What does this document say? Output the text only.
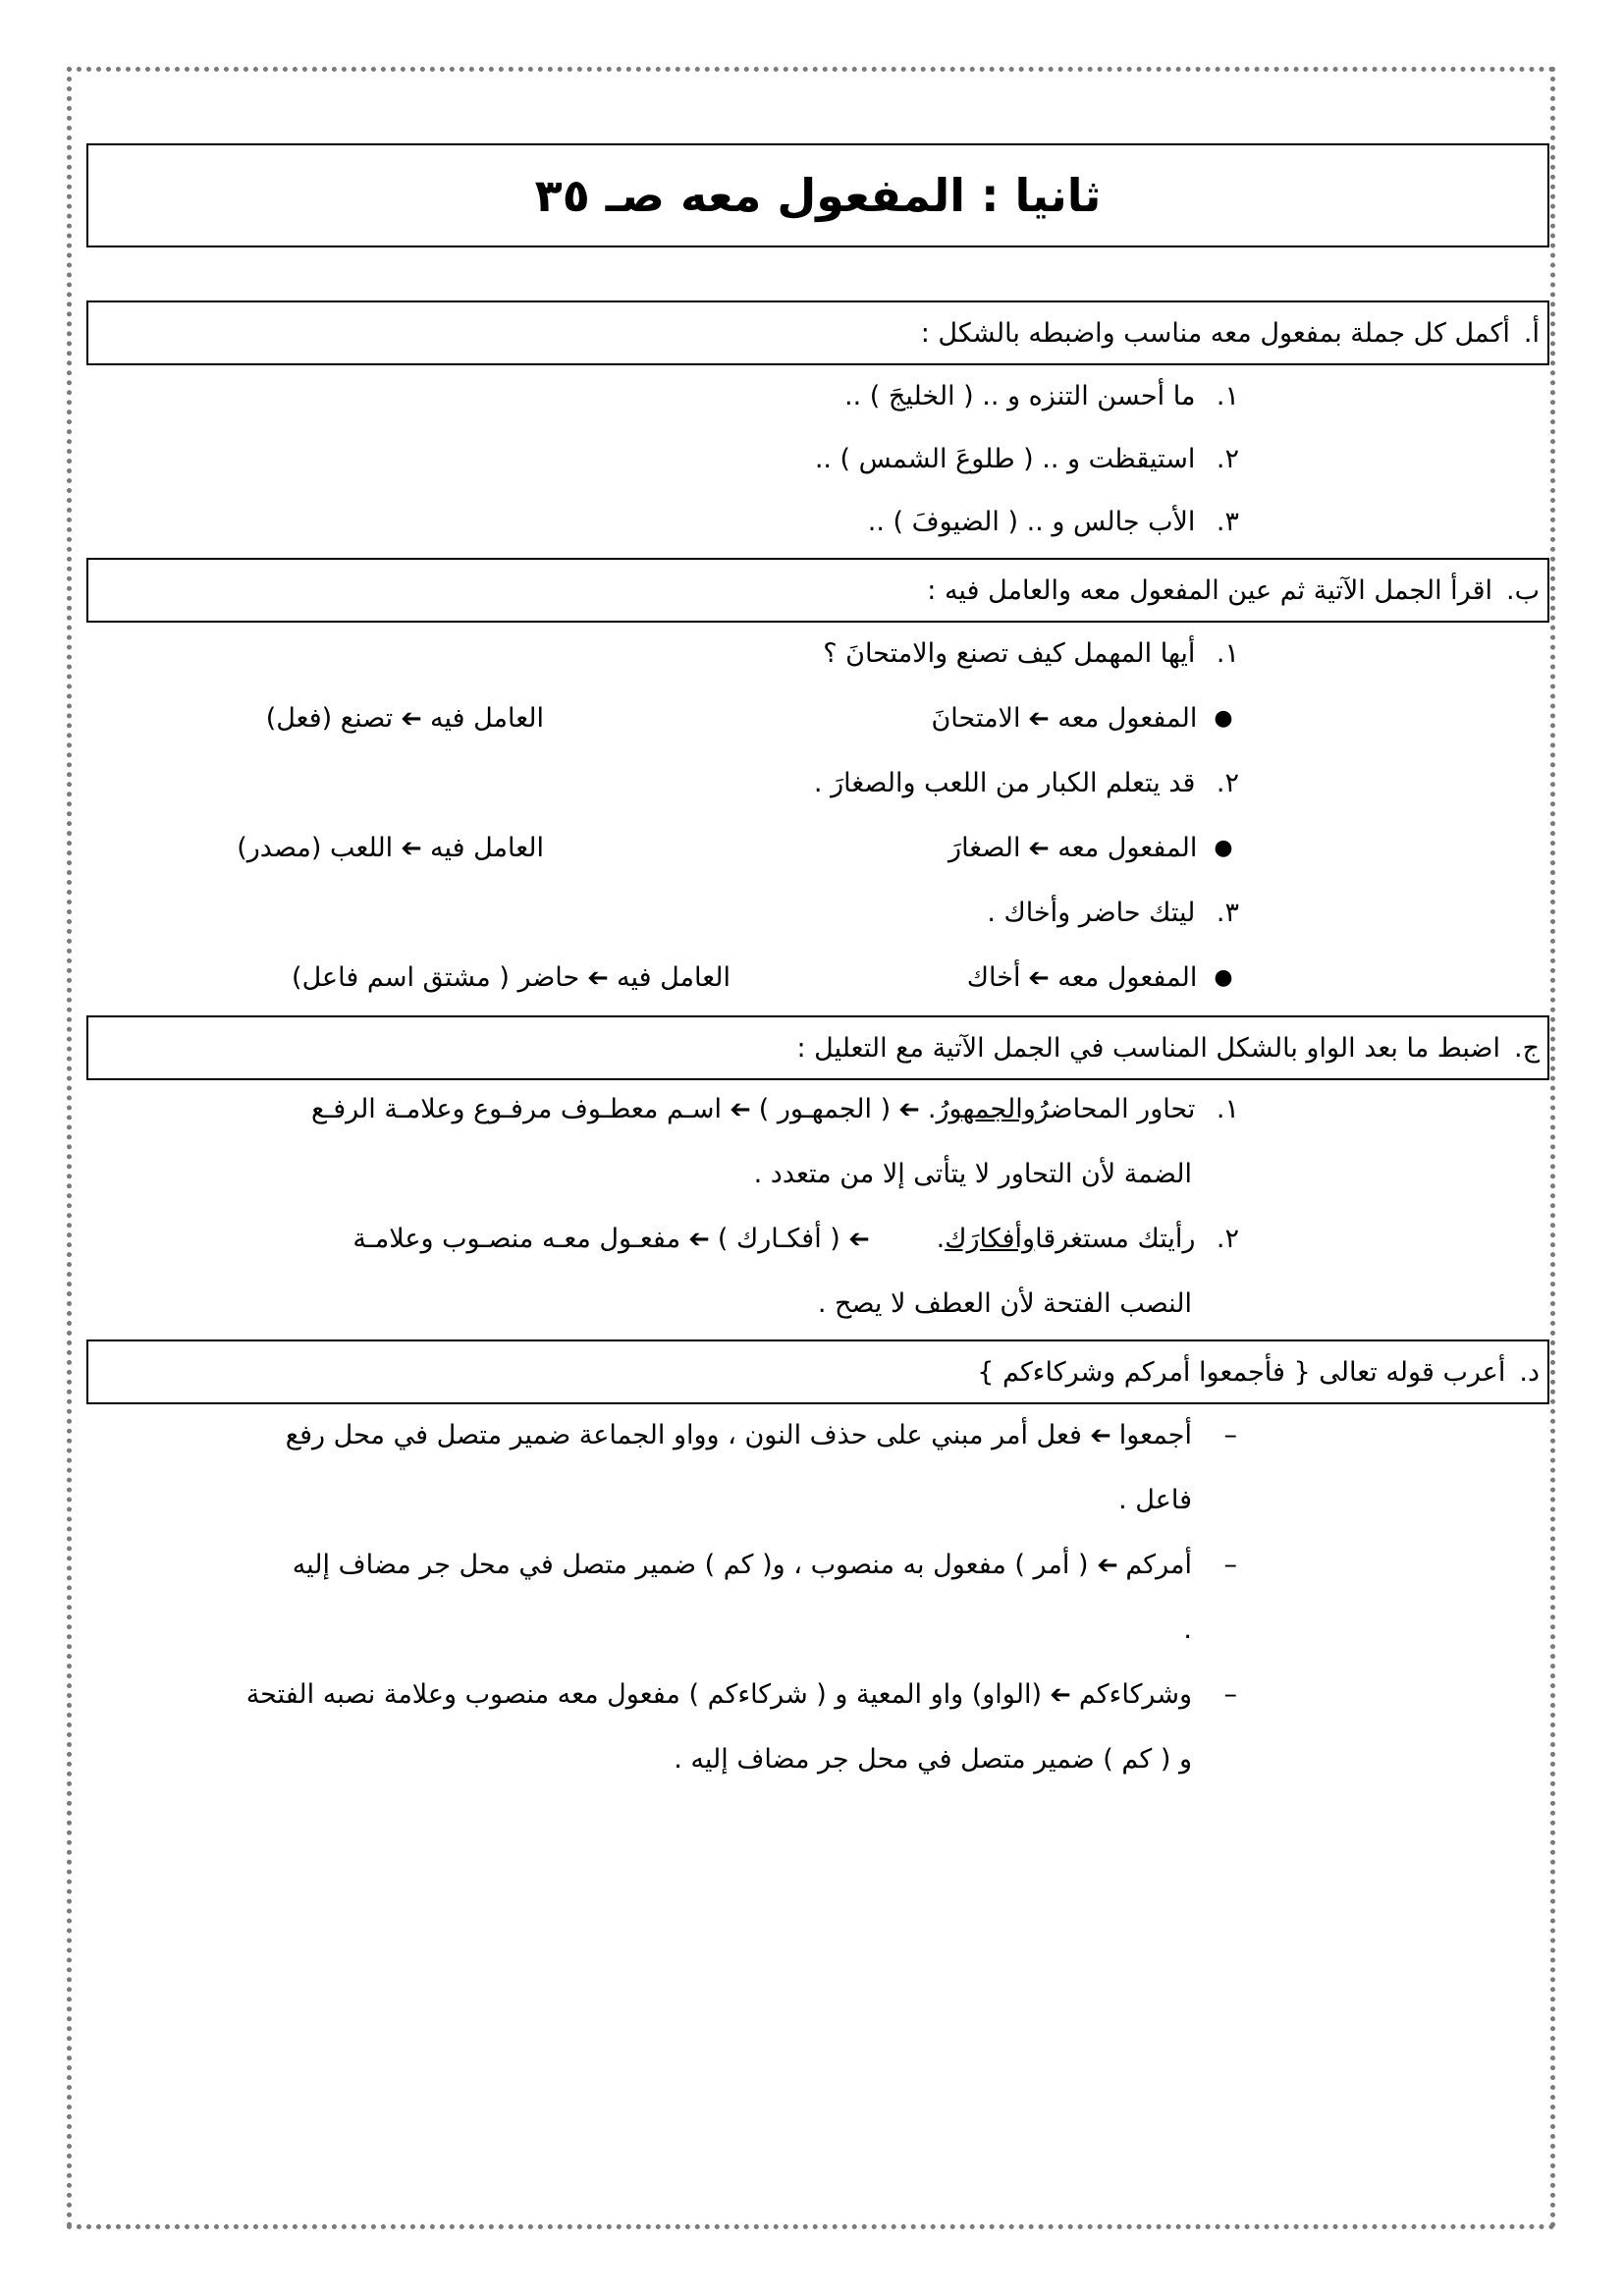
ثانيا : المفعول معه صـ ٣٥
أ.
أكمل كل جملة بمفعول معه مناسب واضبطه بالشكل :
١.

ما أحسن التنزه و .. ( الخليجَ ) ..
٢.

استيقظت و .. ( طلوعَ الشمس ) ..
٣.

الأب جالس و .. ( الضيوفَ ) ..
ب.
اقرأ الجمل الآتية ثم عين المفعول معه والعامل فيه :
١.

أيها المهمل كيف تصنع والامتحانَ ؟
●

المفعول معه
➔
الامتحانَ
العامل فيه
➔
تصنع (فعل)
٢.

قد يتعلم الكبار من اللعب والصغارَ .
●

المفعول معه
➔
الصغارَ
العامل فيه
➔
اللعب (مصدر)
٣.

ليتك حاضر وأخاك .
●

المفعول معه
➔
أخاك
العامل فيه
➔
حاضر ( مشتق اسم فاعل)
ج.
اضبط ما بعد الواو بالشكل المناسب في الجمل الآتية مع التعليل :
١.

تحاور المحاضرُ
والجمهورُ
.
➔
( الجمهـور )
➔
اسـم معطـوف مرفـوع وعلامـة الرفـع
الضمة لأن التحاور لا يتأتى إلا من متعدد .
٢.

رأيتك مستغرقا
وأفكارَك
.
➔
( أفكـارك )
➔
مفعـول معـه منصـوب وعلامـة
النصب الفتحة لأن العطف لا يصح .
د.
أعرب قوله تعالى { فأجمعوا أمركم وشركاءكم }
–
أجمعوا
➔
فعل أمر مبني على حذف النون ، وواو الجماعة ضمير متصل في محل رفع
فاعل .
–
أمركم
➔
( أمر ) مفعول به منصوب ، و( كم ) ضمير متصل في محل جر مضاف إليه
.
–
وشركاءكم
➔
(الواو) واو المعية و ( شركاءكم ) مفعول معه منصوب وعلامة نصبه الفتحة
و ( كم ) ضمير متصل في محل جر مضاف إليه .
